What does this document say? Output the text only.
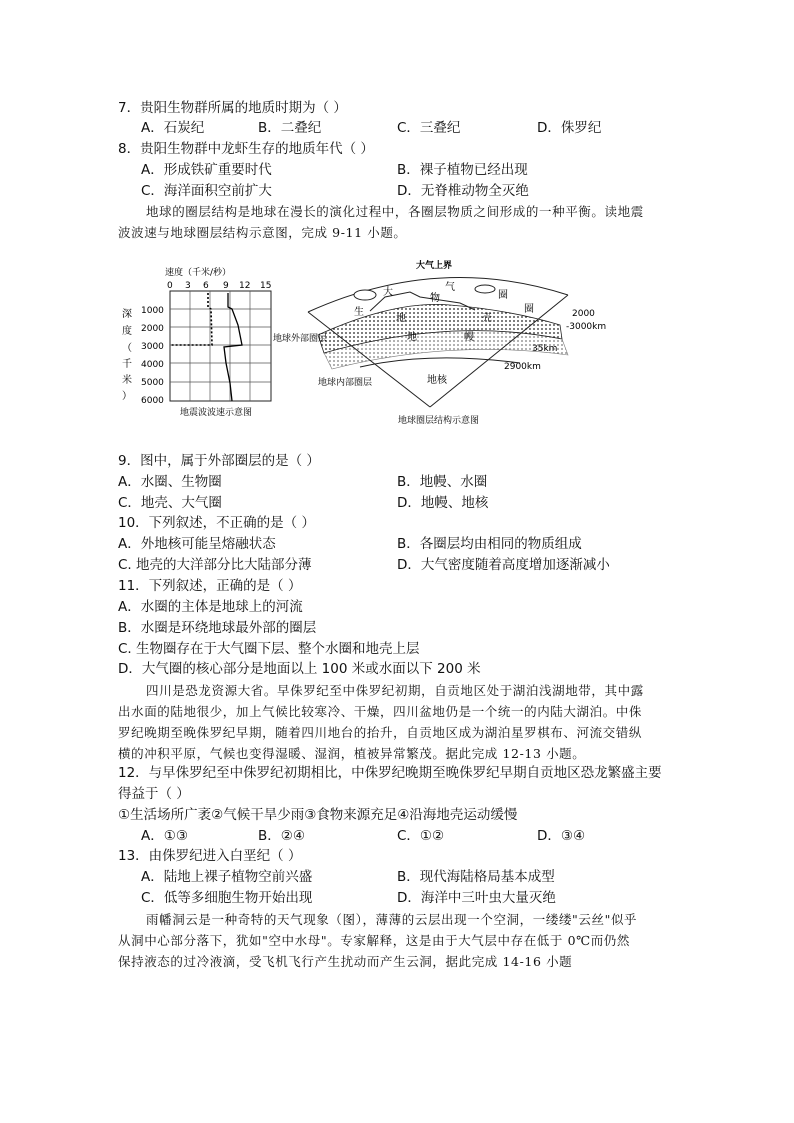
7．贵阳生物群所属的地质时期为（ ）
A．石炭纪	B．二叠纪	C．三叠纪	D．侏罗纪
8．贵阳生物群中龙虾生存的地质年代（ ）
A．形成铁矿重要时代	B．裸子植物已经出现
C．海洋面积空前扩大	D．无脊椎动物全灭绝
地球的圈层结构是地球在漫长的演化过程中，各圈层物质之间形成的一种平衡。读地震
波波速与地球圈层结构示意图，完成 9-11 小题。
速度（千米/秒）
0 3 6 9 12 15
深
度
（
千
米
）
1000
2000
3000
4000
5000
6000
地震波波速示意图
大气上界
大
物
气
圈
圈
生
地	壳
地	幔
地核
2000
-3000km
35km
2900km
地球外部圈层
地球内部圈层
地球圈层结构示意图
9．图中，属于外部圈层的是（ ）
A．水圈、生物圈	B．地幔、水圈
C．地壳、大气圈	D．地幔、地核
10．下列叙述，不正确的是（ ）
A．外地核可能呈熔融状态	B．各圈层均由相同的物质组成
C. 地壳的大洋部分比大陆部分薄	D．大气密度随着高度增加逐渐减小
11．下列叙述，正确的是（ ）
A．水圈的主体是地球上的河流
B．水圈是环绕地球最外部的圈层
C. 生物圈存在于大气圈下层、整个水圈和地壳上层
D．大气圈的核心部分是地面以上 100 米或水面以下 200 米
四川是恐龙资源大省。早侏罗纪至中侏罗纪初期，自贡地区处于湖泊浅湖地带，其中露
出水面的陆地很少，加上气候比较寒冷、干燥，四川盆地仍是一个统一的内陆大湖泊。中侏
罗纪晚期至晚侏罗纪早期，随着四川地台的抬升，自贡地区成为湖泊星罗棋布、河流交错纵
横的冲积平原，气候也变得湿暖、湿润，植被异常繁茂。据此完成 12-13 小题。
12．与早侏罗纪至中侏罗纪初期相比，中侏罗纪晚期至晚侏罗纪早期自贡地区恐龙繁盛主要
得益于（ ）
①生活场所广袤②气候干旱少雨③食物来源充足④沿海地壳运动缓慢
A．①③	B．②④	C．①②	D．③④
13．由侏罗纪进入白垩纪（ ）
A．陆地上裸子植物空前兴盛	B．现代海陆格局基本成型
C．低等多细胞生物开始出现	D．海洋中三叶虫大量灭绝
雨幡洞云是一种奇特的天气现象（图），薄薄的云层出现一个空洞，一缕缕"云丝"似乎
从洞中心部分落下，犹如"空中水母"。专家解释，这是由于大气层中存在低于 0℃而仍然
保持液态的过冷液滴，受飞机飞行产生扰动而产生云洞，据此完成 14-16 小题
